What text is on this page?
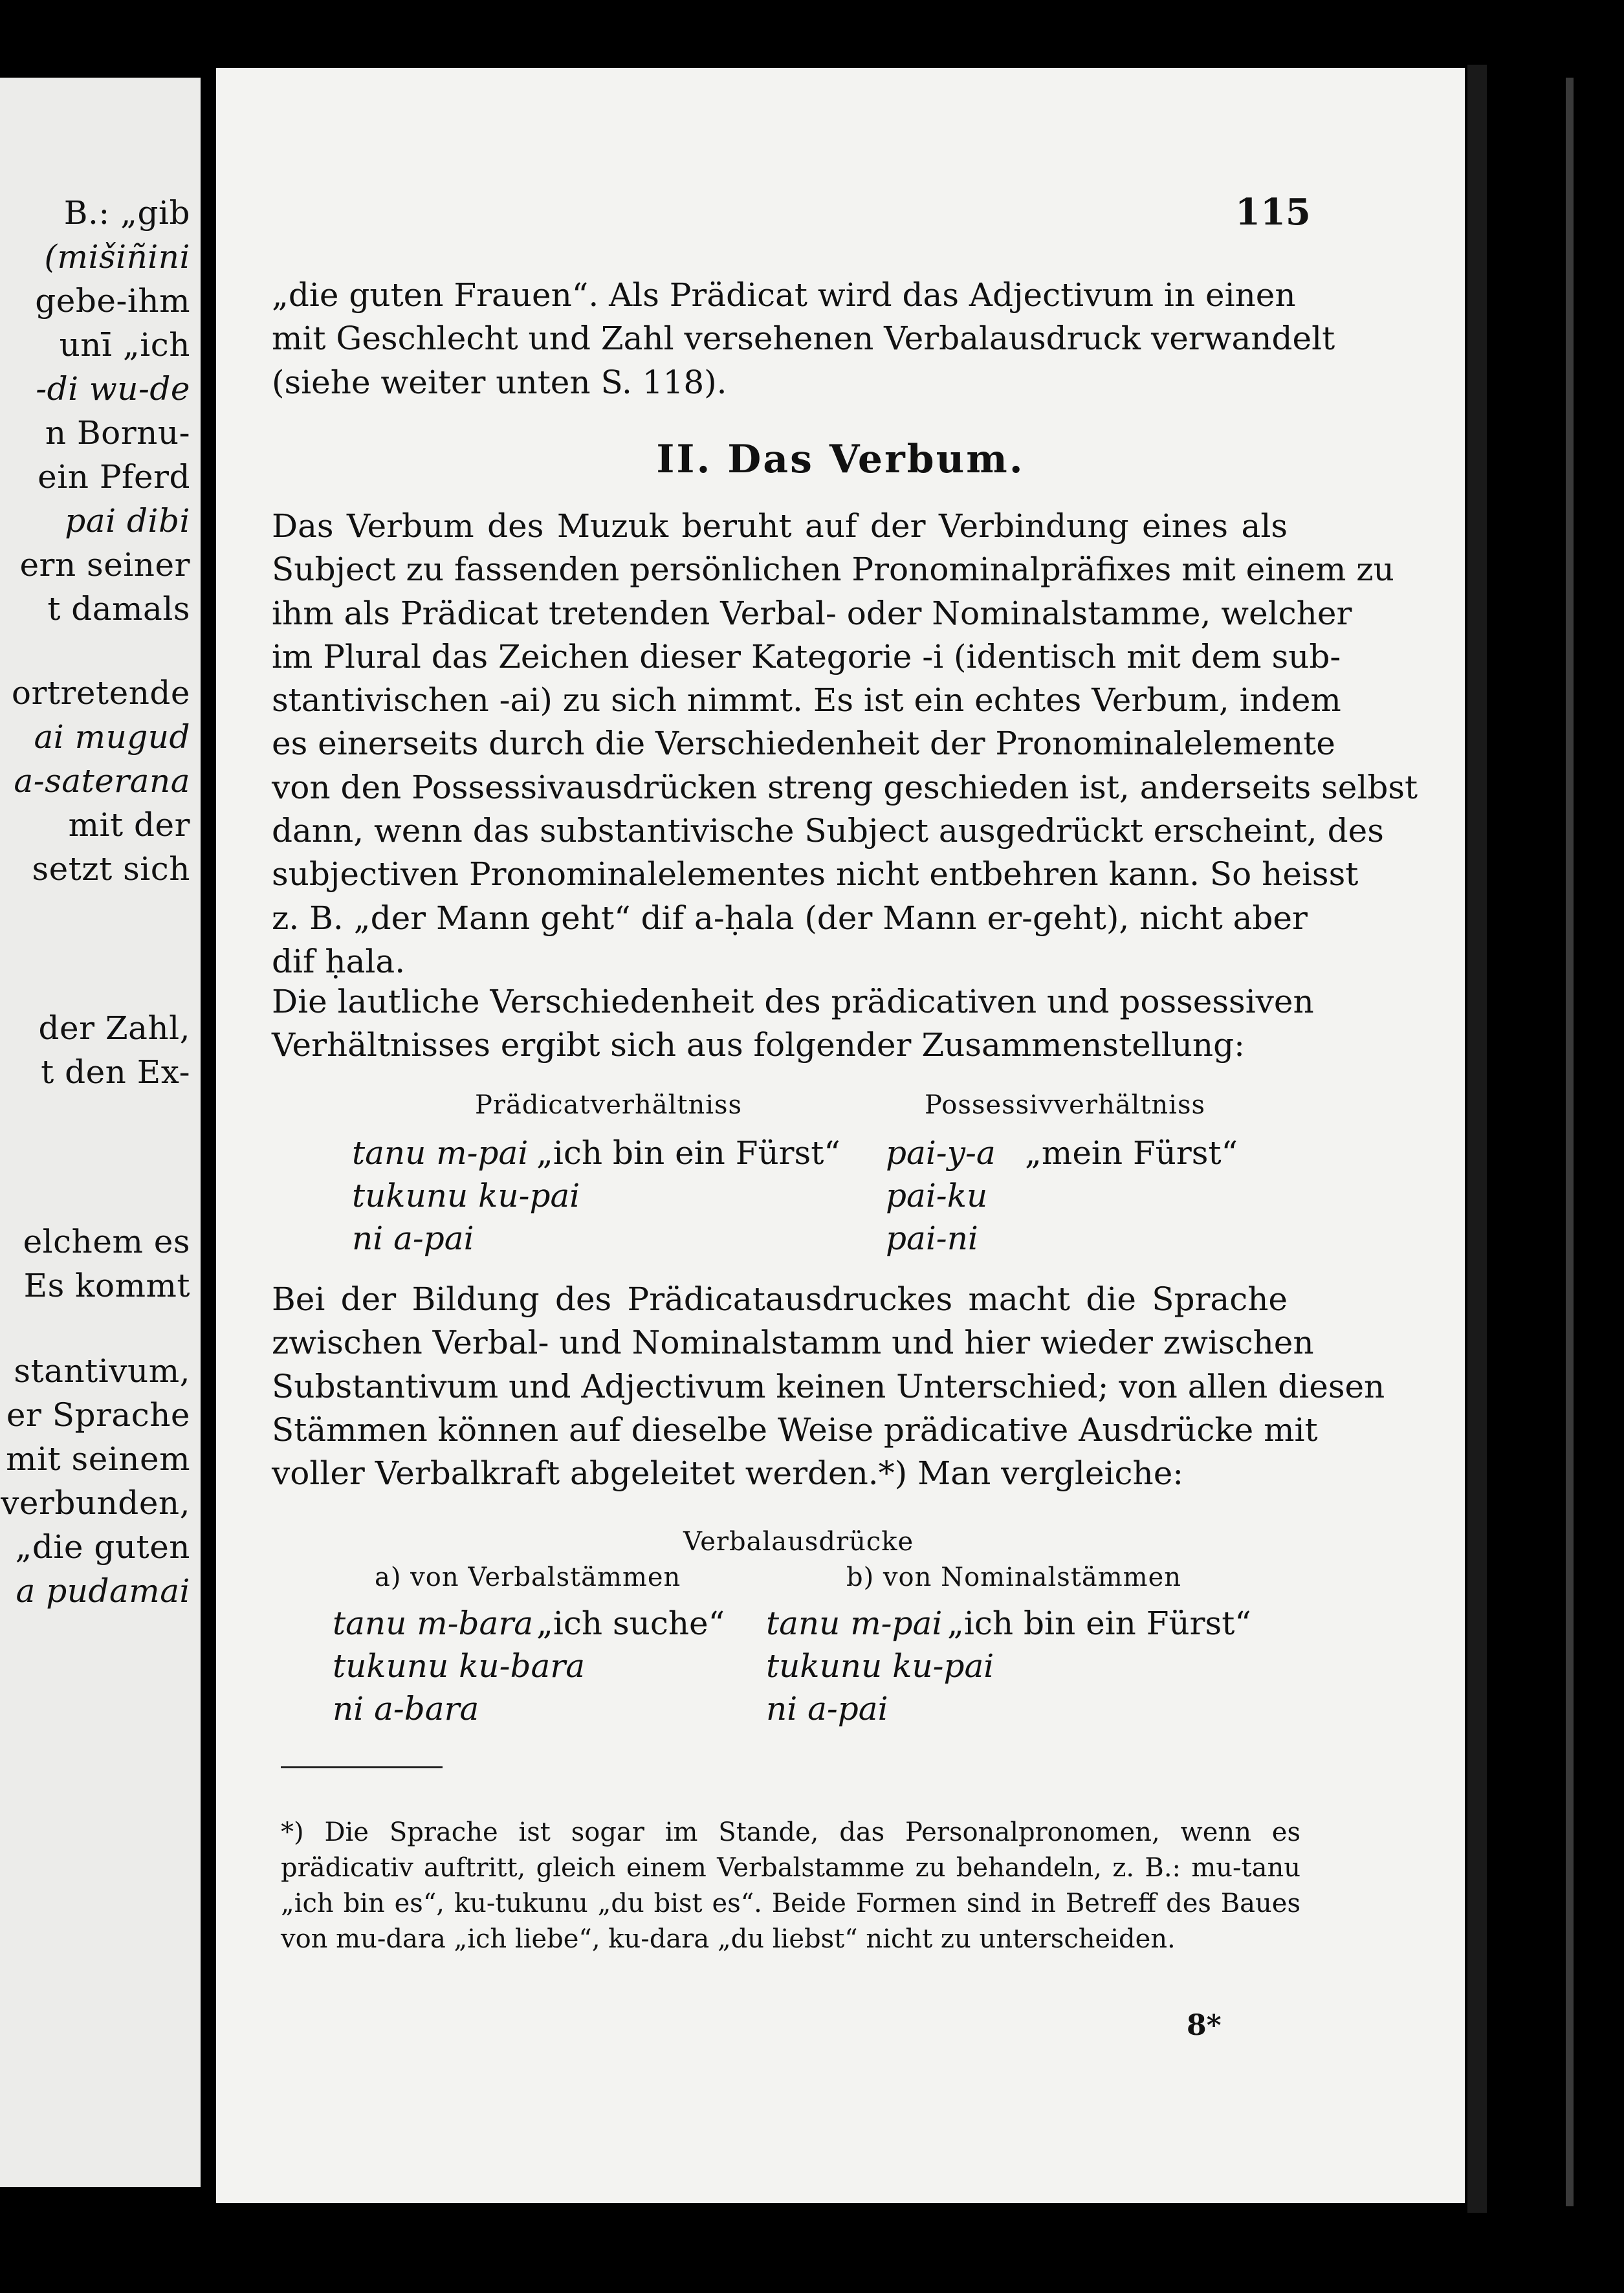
B.: „gib
(mišiñini
gebe-ihm
unī „ich
-di wu-de
n Bornu-
ein Pferd
pai dibi
ern seiner
t damals
ortretende
ai mugud
a-saterana
mit der
setzt sich
der Zahl,
t den Ex-
elchem es
Es kommt
stantivum,
er Sprache
mit seinem
verbunden,
„die guten
a pudamai
115
„die guten Frauen“. Als Prädicat wird das Adjectivum in einen
mit Geschlecht und Zahl versehenen Verbalausdruck verwandelt
(siehe weiter unten S. 118).
II. Das Verbum.
Das Verbum des Muzuk beruht auf der Verbindung eines als
Subject zu fassenden persönlichen Pronominalpräfixes mit einem zu
ihm als Prädicat tretenden Verbal- oder Nominalstamme, welcher
im Plural das Zeichen dieser Kategorie -i (identisch mit dem sub-
stantivischen -ai) zu sich nimmt. Es ist ein echtes Verbum, indem
es einerseits durch die Verschiedenheit der Pronominalelemente
von den Possessivausdrücken streng geschieden ist, anderseits selbst
dann, wenn das substantivische Subject ausgedrückt erscheint, des
subjectiven Pronominalelementes nicht entbehren kann. So heisst
z. B. „der Mann geht“ dif a-ḥala (der Mann er-geht), nicht aber
dif ḥala.
Die lautliche Verschiedenheit des prädicativen und possessiven
Verhältnisses ergibt sich aus folgender Zusammenstellung:
Prädicatverhältniss	Possessivverhältniss
tanu m-pai „ich bin ein Fürst“
tukunu ku-pai
ni a-pai
pai-y-a „mein Fürst“
pai-ku
pai-ni
Bei der Bildung des Prädicatausdruckes macht die Sprache
zwischen Verbal- und Nominalstamm und hier wieder zwischen
Substantivum und Adjectivum keinen Unterschied; von allen diesen
Stämmen können auf dieselbe Weise prädicative Ausdrücke mit
voller Verbalkraft abgeleitet werden.*) Man vergleiche:
Verbalausdrücke
a) von Verbalstämmen	b) von Nominalstämmen
tanu m-bara „ich suche“
tukunu ku-bara
ni a-bara
tanu m-pai „ich bin ein Fürst“
tukunu ku-pai
ni a-pai
*) Die Sprache ist sogar im Stande, das Personalpronomen, wenn es
prädicativ auftritt, gleich einem Verbalstamme zu behandeln, z. B.: mu-tanu
„ich bin es“, ku-tukunu „du bist es“. Beide Formen sind in Betreff des Baues
von mu-dara „ich liebe“, ku-dara „du liebst“ nicht zu unterscheiden.
8*
